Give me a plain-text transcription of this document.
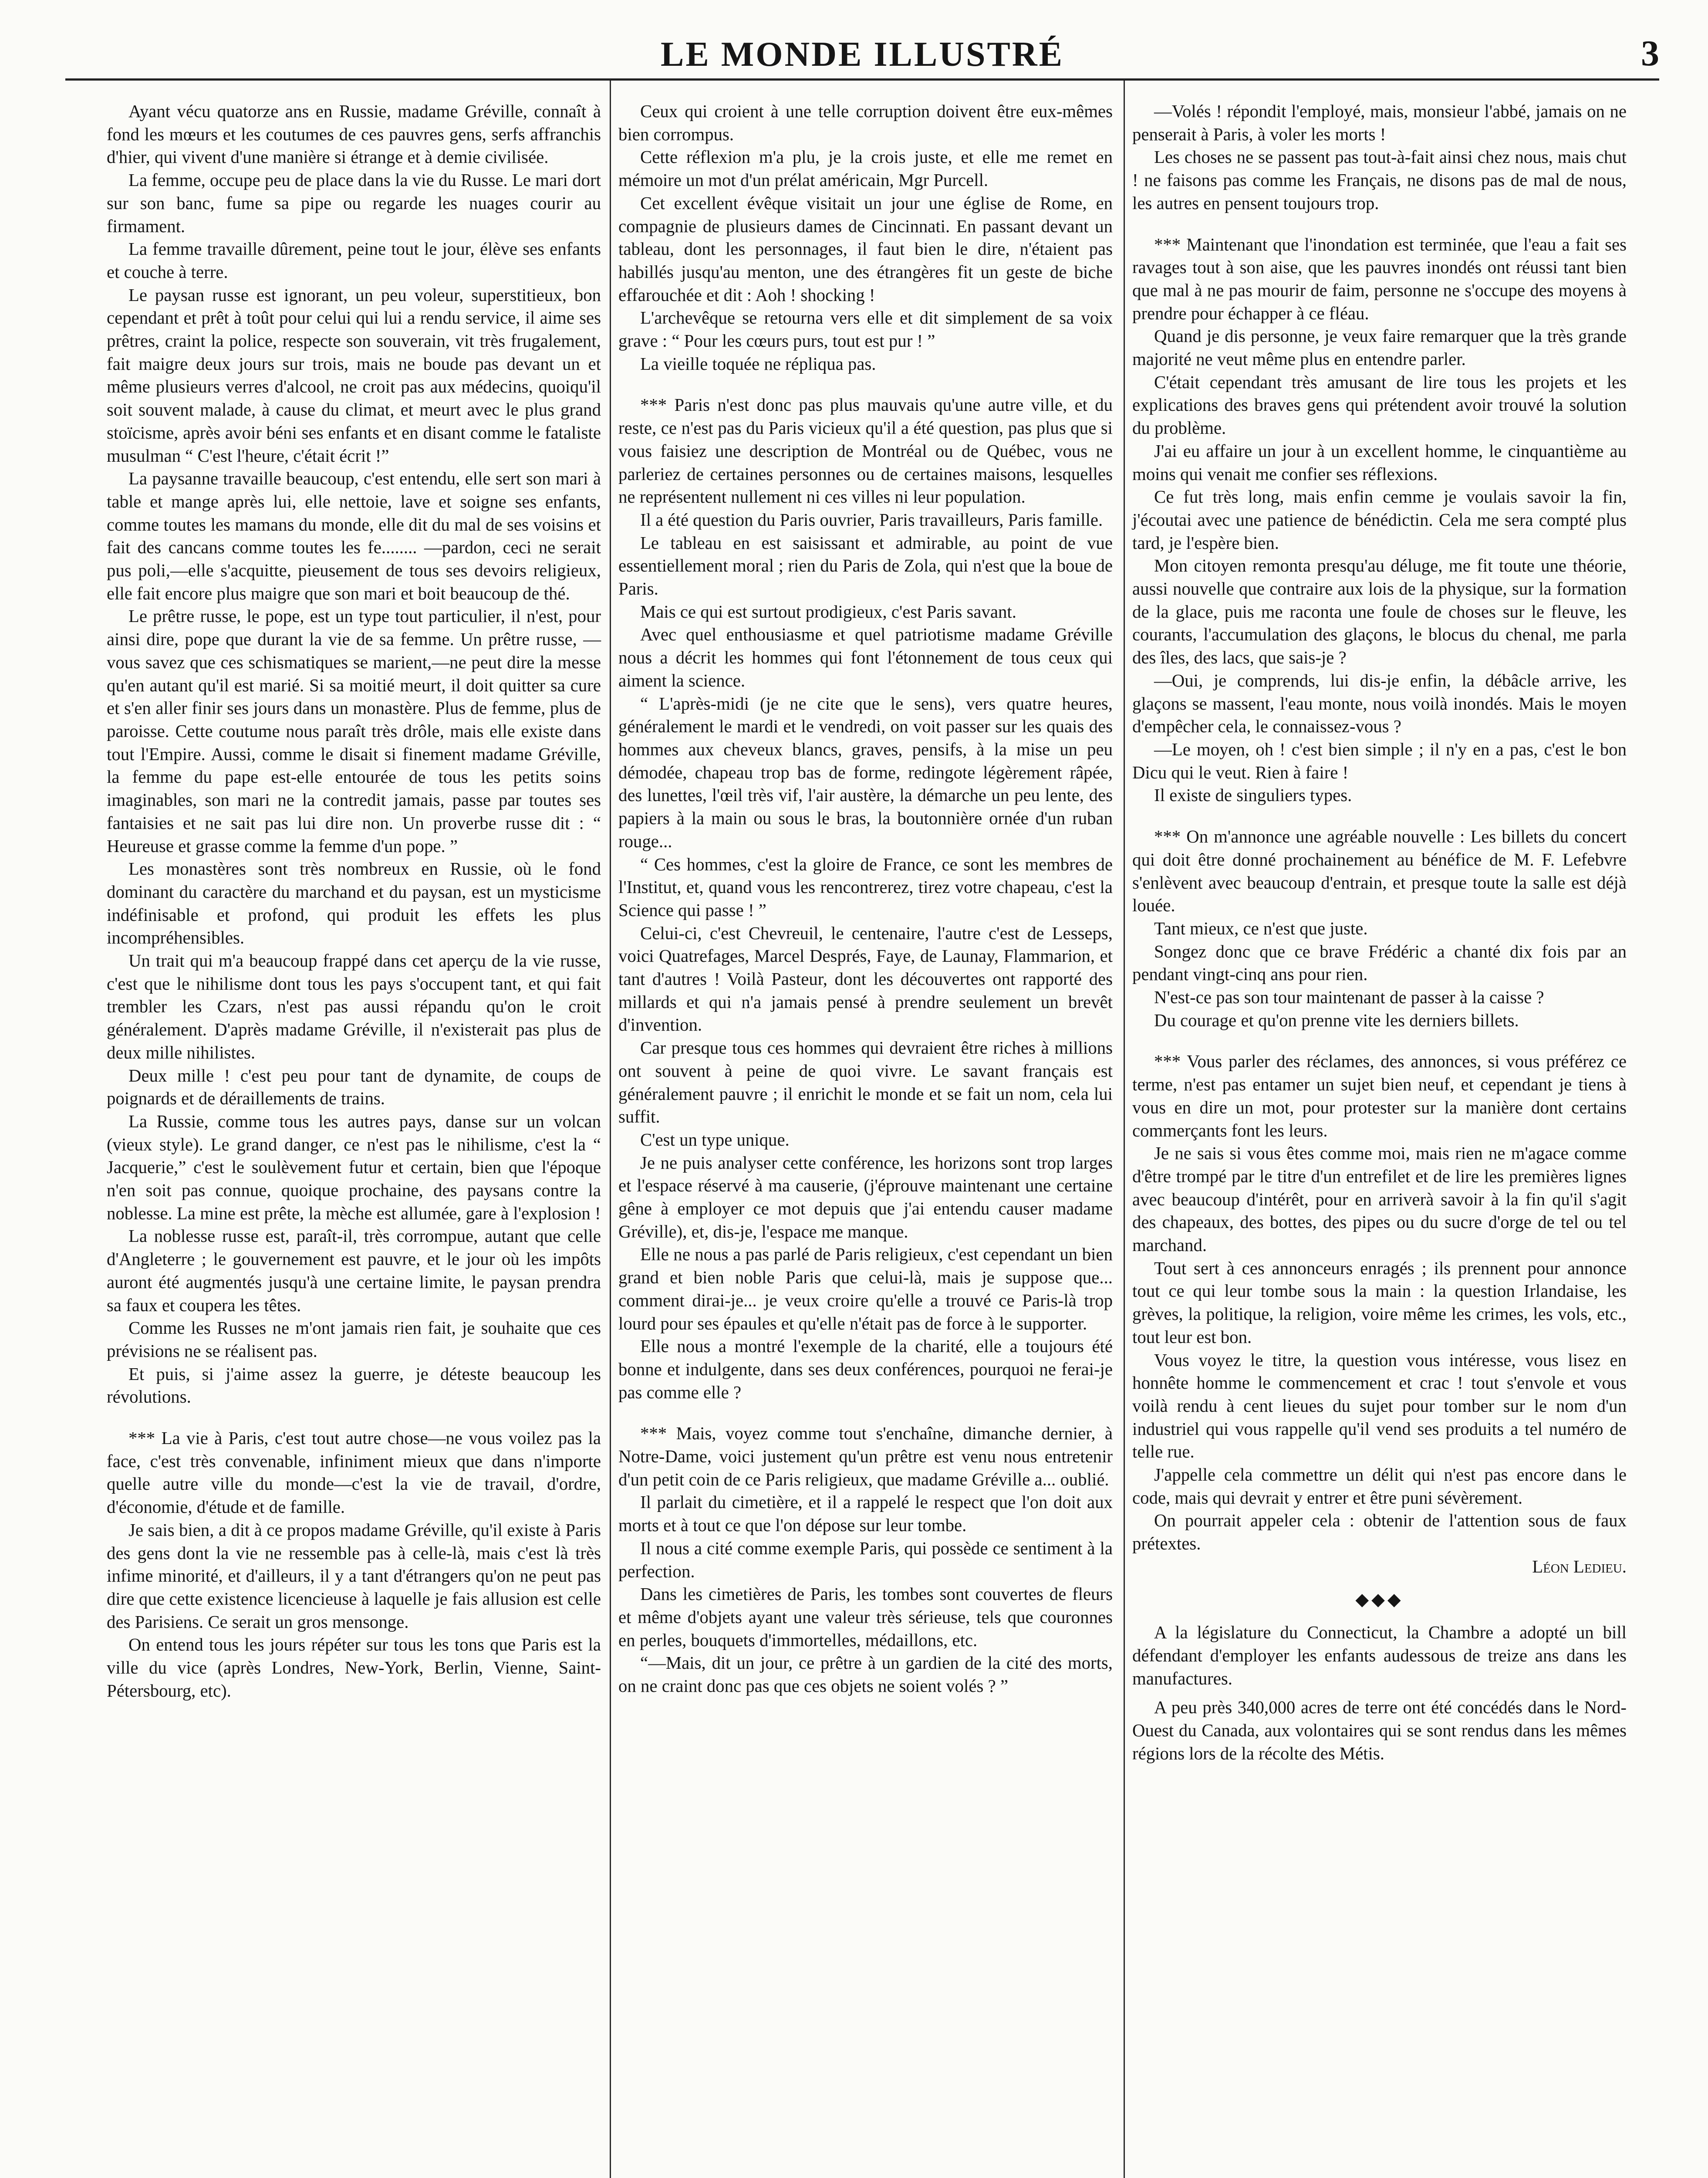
LE MONDE ILLUSTRÉ	3

Ayant vécu quatorze ans en Russie, madame Gréville, connaît à fond les mœurs et les coutumes de ces pauvres gens, serfs affranchis d'hier, qui vivent d'une manière si étrange et à demie civilisée.

La femme, occupe peu de place dans la vie du Russe. Le mari dort sur son banc, fume sa pipe ou regarde les nuages courir au firmament.

La femme travaille dûrement, peine tout le jour, élève ses enfants et couche à terre.

Le paysan russe est ignorant, un peu voleur, superstitieux, bon cependant et prêt à toût pour celui qui lui a rendu service, il aime ses prêtres, craint la police, respecte son souverain, vit très frugalement, fait maigre deux jours sur trois, mais ne boude pas devant un et même plusieurs verres d'alcool, ne croit pas aux médecins, quoiqu'il soit souvent malade, à cause du climat, et meurt avec le plus grand stoïcisme, après avoir béni ses enfants et en disant comme le fataliste musulman “ C'est l'heure, c'était écrit !”

La paysanne travaille beaucoup, c'est entendu, elle sert son mari à table et mange après lui, elle nettoie, lave et soigne ses enfants, comme toutes les mamans du monde, elle dit du mal de ses voisins et fait des cancans comme toutes les fe........ —pardon, ceci ne serait pus poli,—elle s'acquitte, pieusement de tous ses devoirs religieux, elle fait encore plus maigre que son mari et boit beaucoup de thé.

Le prêtre russe, le pope, est un type tout particulier, il n'est, pour ainsi dire, pope que durant la vie de sa femme. Un prêtre russe, — vous savez que ces schismatiques se marient,—ne peut dire la messe qu'en autant qu'il est marié. Si sa moitié meurt, il doit quitter sa cure et s'en aller finir ses jours dans un monastère. Plus de femme, plus de paroisse. Cette coutume nous paraît très drôle, mais elle existe dans tout l'Empire. Aussi, comme le disait si finement madame Gréville, la femme du pape est-elle entourée de tous les petits soins imaginables, son mari ne la contredit jamais, passe par toutes ses fantaisies et ne sait pas lui dire non. Un proverbe russe dit : “ Heureuse et grasse comme la femme d'un pope. ”

Les monastères sont très nombreux en Russie, où le fond dominant du caractère du marchand et du paysan, est un mysticisme indéfinisable et profond, qui produit les effets les plus incompréhensibles.

Un trait qui m'a beaucoup frappé dans cet aperçu de la vie russe, c'est que le nihilisme dont tous les pays s'occupent tant, et qui fait trembler les Czars, n'est pas aussi répandu qu'on le croit généralement. D'après madame Gréville, il n'existerait pas plus de deux mille nihilistes.

Deux mille ! c'est peu pour tant de dynamite, de coups de poignards et de déraillements de trains.

La Russie, comme tous les autres pays, danse sur un volcan (vieux style). Le grand danger, ce n'est pas le nihilisme, c'est la “ Jacquerie,” c'est le soulèvement futur et certain, bien que l'époque n'en soit pas connue, quoique prochaine, des paysans contre la noblesse. La mine est prête, la mèche est allumée, gare à l'explosion !

La noblesse russe est, paraît-il, très corrompue, autant que celle d'Angleterre ; le gouvernement est pauvre, et le jour où les impôts auront été augmentés jusqu'à une certaine limite, le paysan prendra sa faux et coupera les têtes.

Comme les Russes ne m'ont jamais rien fait, je souhaite que ces prévisions ne se réalisent pas.

Et puis, si j'aime assez la guerre, je déteste beaucoup les révolutions.

*** La vie à Paris, c'est tout autre chose—ne vous voilez pas la face, c'est très convenable, infiniment mieux que dans n'importe quelle autre ville du monde—c'est la vie de travail, d'ordre, d'économie, d'étude et de famille.

Je sais bien, a dit à ce propos madame Gréville, qu'il existe à Paris des gens dont la vie ne ressemble pas à celle-là, mais c'est là très infime minorité, et d'ailleurs, il y a tant d'étrangers qu'on ne peut pas dire que cette existence licencieuse à laquelle je fais allusion est celle des Parisiens. Ce serait un gros mensonge.

On entend tous les jours répéter sur tous les tons que Paris est la ville du vice (après Londres, New-York, Berlin, Vienne, Saint-Pétersbourg, etc).

Ceux qui croient à une telle corruption doivent être eux-mêmes bien corrompus.

Cette réflexion m'a plu, je la crois juste, et elle me remet en mémoire un mot d'un prélat américain, Mgr Purcell.

Cet excellent évêque visitait un jour une église de Rome, en compagnie de plusieurs dames de Cincinnati. En passant devant un tableau, dont les personnages, il faut bien le dire, n'étaient pas habillés jusqu'au menton, une des étrangères fit un geste de biche effarouchée et dit : Aoh ! shocking !

L'archevêque se retourna vers elle et dit simplement de sa voix grave : “ Pour les cœurs purs, tout est pur ! ”

La vieille toquée ne répliqua pas.

*** Paris n'est donc pas plus mauvais qu'une autre ville, et du reste, ce n'est pas du Paris vicieux qu'il a été question, pas plus que si vous faisiez une description de Montréal ou de Québec, vous ne parleriez de certaines personnes ou de certaines maisons, lesquelles ne représentent nullement ni ces villes ni leur population.

Il a été question du Paris ouvrier, Paris travailleurs, Paris famille.

Le tableau en est saisissant et admirable, au point de vue essentiellement moral ; rien du Paris de Zola, qui n'est que la boue de Paris.

Mais ce qui est surtout prodigieux, c'est Paris savant.

Avec quel enthousiasme et quel patriotisme madame Gréville nous a décrit les hommes qui font l'étonnement de tous ceux qui aiment la science.

“ L'après-midi (je ne cite que le sens), vers quatre heures, généralement le mardi et le vendredi, on voit passer sur les quais des hommes aux cheveux blancs, graves, pensifs, à la mise un peu démodée, chapeau trop bas de forme, redingote légèrement râpée, des lunettes, l'œil très vif, l'air austère, la démarche un peu lente, des papiers à la main ou sous le bras, la boutonnière ornée d'un ruban rouge...

“ Ces hommes, c'est la gloire de France, ce sont les membres de l'Institut, et, quand vous les rencontrerez, tirez votre chapeau, c'est la Science qui passe ! ”

Celui-ci, c'est Chevreuil, le centenaire, l'autre c'est de Lesseps, voici Quatrefages, Marcel Després, Faye, de Launay, Flammarion, et tant d'autres ! Voilà Pasteur, dont les découvertes ont rapporté des millards et qui n'a jamais pensé à prendre seulement un brevêt d'invention.

Car presque tous ces hommes qui devraient être riches à millions ont souvent à peine de quoi vivre. Le savant français est généralement pauvre ; il enrichit le monde et se fait un nom, cela lui suffit.

C'est un type unique.

Je ne puis analyser cette conférence, les horizons sont trop larges et l'espace réservé à ma causerie, (j'éprouve maintenant une certaine gêne à employer ce mot depuis que j'ai entendu causer madame Gréville), et, dis-je, l'espace me manque.

Elle ne nous a pas parlé de Paris religieux, c'est cependant un bien grand et bien noble Paris que celui-là, mais je suppose que... comment dirai-je... je veux croire qu'elle a trouvé ce Paris-là trop lourd pour ses épaules et qu'elle n'était pas de force à le supporter.

Elle nous a montré l'exemple de la charité, elle a toujours été bonne et indulgente, dans ses deux conférences, pourquoi ne ferai-je pas comme elle ?

*** Mais, voyez comme tout s'enchaîne, dimanche dernier, à Notre-Dame, voici justement qu'un prêtre est venu nous entretenir d'un petit coin de ce Paris religieux, que madame Gréville a... oublié.

Il parlait du cimetière, et il a rappelé le respect que l'on doit aux morts et à tout ce que l'on dépose sur leur tombe.

Il nous a cité comme exemple Paris, qui possède ce sentiment à la perfection.

Dans les cimetières de Paris, les tombes sont couvertes de fleurs et même d'objets ayant une valeur très sérieuse, tels que couronnes en perles, bouquets d'immortelles, médaillons, etc.

“—Mais, dit un jour, ce prêtre à un gardien de la cité des morts, on ne craint donc pas que ces objets ne soient volés ? ”

—Volés ! répondit l'employé, mais, monsieur l'abbé, jamais on ne penserait à Paris, à voler les morts !

Les choses ne se passent pas tout-à-fait ainsi chez nous, mais chut ! ne faisons pas comme les Français, ne disons pas de mal de nous, les autres en pensent toujours trop.

*** Maintenant que l'inondation est terminée, que l'eau a fait ses ravages tout à son aise, que les pauvres inondés ont réussi tant bien que mal à ne pas mourir de faim, personne ne s'occupe des moyens à prendre pour échapper à ce fléau.

Quand je dis personne, je veux faire remarquer que la très grande majorité ne veut même plus en entendre parler.

C'était cependant très amusant de lire tous les projets et les explications des braves gens qui prétendent avoir trouvé la solution du problème.

J'ai eu affaire un jour à un excellent homme, le cinquantième au moins qui venait me confier ses réflexions.

Ce fut très long, mais enfin cemme je voulais savoir la fin, j'écoutai avec une patience de bénédictin. Cela me sera compté plus tard, je l'espère bien.

Mon citoyen remonta presqu'au déluge, me fit toute une théorie, aussi nouvelle que contraire aux lois de la physique, sur la formation de la glace, puis me raconta une foule de choses sur le fleuve, les courants, l'accumulation des glaçons, le blocus du chenal, me parla des îles, des lacs, que sais-je ?

—Oui, je comprends, lui dis-je enfin, la débâcle arrive, les glaçons se massent, l'eau monte, nous voilà inondés. Mais le moyen d'empêcher cela, le connaissez-vous ?

—Le moyen, oh ! c'est bien simple ; il n'y en a pas, c'est le bon Dicu qui le veut. Rien à faire !

Il existe de singuliers types.

*** On m'annonce une agréable nouvelle : Les billets du concert qui doit être donné prochainement au bénéfice de M. F. Lefebvre s'enlèvent avec beaucoup d'entrain, et presque toute la salle est déjà louée.

Tant mieux, ce n'est que juste.

Songez donc que ce brave Frédéric a chanté dix fois par an pendant vingt-cinq ans pour rien.

N'est-ce pas son tour maintenant de passer à la caisse ?

Du courage et qu'on prenne vite les derniers billets.

*** Vous parler des réclames, des annonces, si vous préférez ce terme, n'est pas entamer un sujet bien neuf, et cependant je tiens à vous en dire un mot, pour protester sur la manière dont certains commerçants font les leurs.

Je ne sais si vous êtes comme moi, mais rien ne m'agace comme d'être trompé par le titre d'un entrefilet et de lire les premières lignes avec beaucoup d'intérêt, pour en arriverà savoir à la fin qu'il s'agit des chapeaux, des bottes, des pipes ou du sucre d'orge de tel ou tel marchand.

Tout sert à ces annonceurs enragés ; ils prennent pour annonce tout ce qui leur tombe sous la main : la question Irlandaise, les grèves, la politique, la religion, voire même les crimes, les vols, etc., tout leur est bon.

Vous voyez le titre, la question vous intéresse, vous lisez en honnête homme le commencement et crac ! tout s'envole et vous voilà rendu à cent lieues du sujet pour tomber sur le nom d'un industriel qui vous rappelle qu'il vend ses produits a tel numéro de telle rue.

J'appelle cela commettre un délit qui n'est pas encore dans le code, mais qui devrait y entrer et être puni sévèrement.

On pourrait appeler cela : obtenir de l'attention sous de faux prétextes.

Léon Ledieu.

◆◆◆

A la législature du Connecticut, la Chambre a adopté un bill défendant d'employer les enfants audessous de treize ans dans les manufactures.

A peu près 340,000 acres de terre ont été concédés dans le Nord-Ouest du Canada, aux volontaires qui se sont rendus dans les mêmes régions lors de la récolte des Métis.
